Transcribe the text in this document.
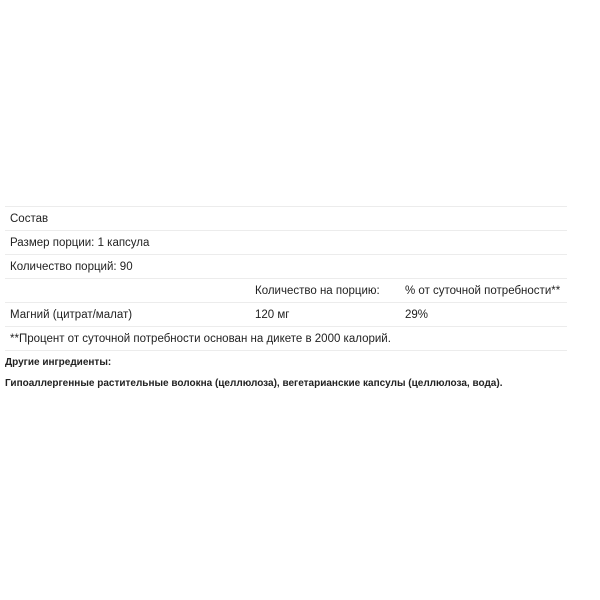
Состав		
Размер порции: 1 капсула		
Количество порций: 90		
	Количество на порцию:	% от суточной потребности**
Магний (цитрат/малат)	120 мг	29%
**Процент от суточной потребности основан на дикете в 2000 калорий.		
Другие ингредиенты:
Гипоаллергенные растительные волокна (целлюлоза), вегетарианские капсулы (целлюлоза, вода).
